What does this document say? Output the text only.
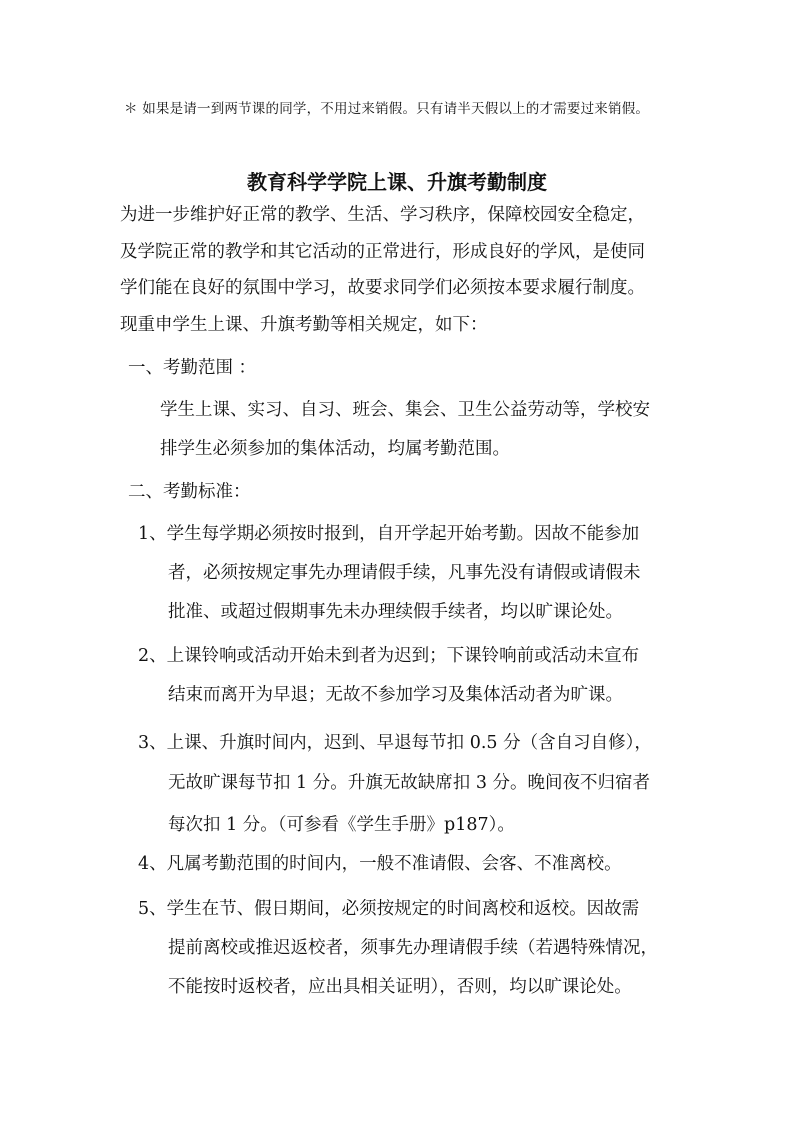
＊ 如果是请一到两节课的同学，不用过来销假。只有请半天假以上的才需要过来销假。
教育科学学院上课、升旗考勤制度
为进一步维护好正常的教学、生活、学习秩序，保障校园安全稳定，
及学院正常的教学和其它活动的正常进行，形成良好的学风，是使同
学们能在良好的氛围中学习，故要求同学们必须按本要求履行制度。
现重申学生上课、升旗考勤等相关规定，如下：
一、考勤范围 ：
学生上课、实习、自习、班会、集会、卫生公益劳动等，学校安
排学生必须参加的集体活动，均属考勤范围。
二、考勤标准：
1、学生每学期必须按时报到，自开学起开始考勤。因故不能参加
者，必须按规定事先办理请假手续，凡事先没有请假或请假未
批准、或超过假期事先未办理续假手续者，均以旷课论处。
2、上课铃响或活动开始未到者为迟到；下课铃响前或活动未宣布
结束而离开为早退；无故不参加学习及集体活动者为旷课。
3、上课、升旗时间内，迟到、早退每节扣 0.5 分（含自习自修），
无故旷课每节扣 1 分。升旗无故缺席扣 3 分。晚间夜不归宿者
每次扣 1 分。（可参看《学生手册》p187）。
4、凡属考勤范围的时间内，一般不准请假、会客、不准离校。
5、学生在节、假日期间，必须按规定的时间离校和返校。因故需
提前离校或推迟返校者，须事先办理请假手续（若遇特殊情况，
不能按时返校者，应出具相关证明），否则，均以旷课论处。
